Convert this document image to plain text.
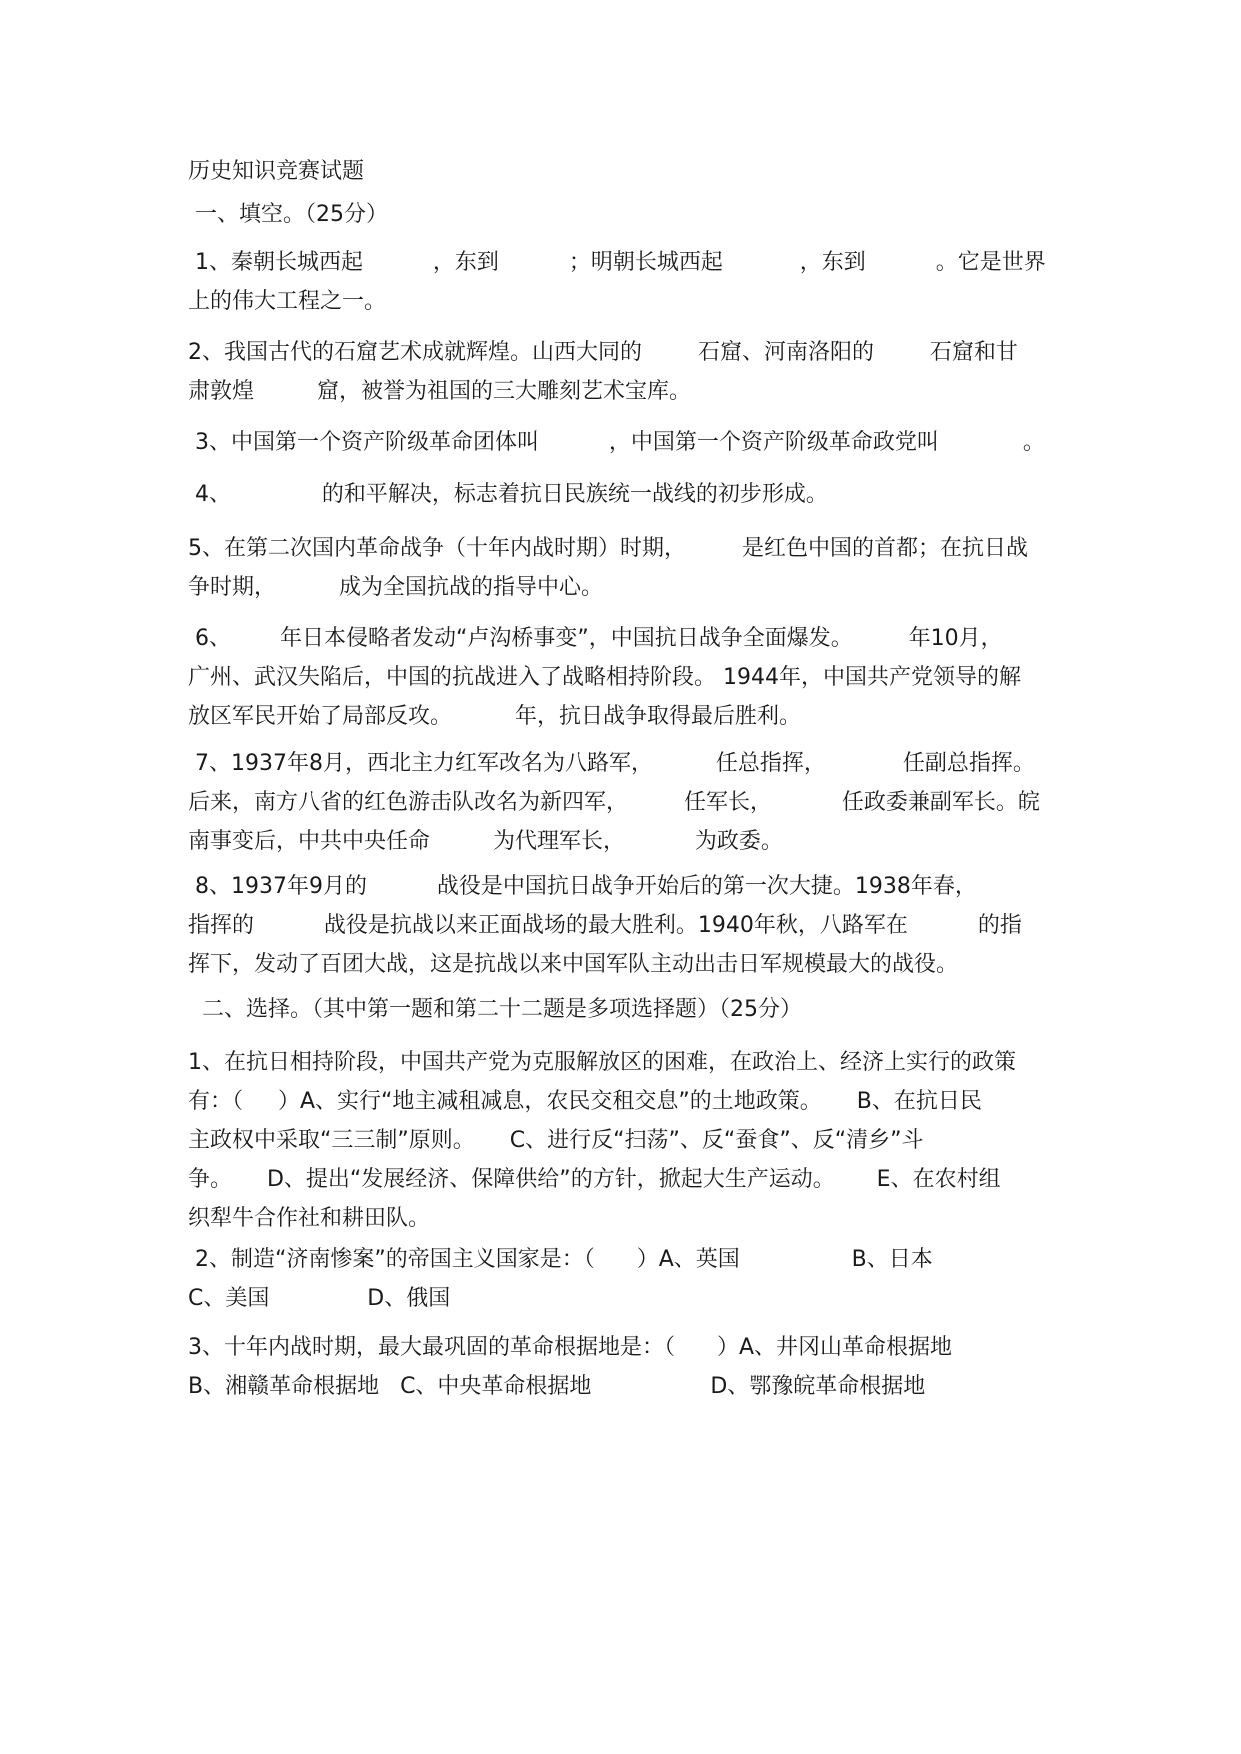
历史知识竞赛试题
一、填空。（25分）
1、秦朝长城西起          ，东到          ；明朝长城西起           ，东到          。它是世界
上的伟大工程之一。
2、我国古代的石窟艺术成就辉煌。山西大同的        石窟、河南洛阳的        石窟和甘
肃敦煌         窟，被誉为祖国的三大雕刻艺术宝库。
3、中国第一个资产阶级革命团体叫          ，中国第一个资产阶级革命政党叫            。
4、             的和平解决，标志着抗日民族统一战线的初步形成。
5、在第二次国内革命战争（十年内战时期）时期，        是红色中国的首都；在抗日战
争时期，         成为全国抗战的指导中心。
6、       年日本侵略者发动“卢沟桥事变”，中国抗日战争全面爆发。        年10月，
广州、武汉失陷后，中国的抗战进入了战略相持阶段。 1944年，中国共产党领导的解
放区军民开始了局部反攻。         年，抗日战争取得最后胜利。
7、1937年8月，西北主力红军改名为八路军，         任总指挥，           任副总指挥。
后来，南方八省的红色游击队改名为新四军，        任军长，          任政委兼副军长。皖
南事变后，中共中央任命         为代理军长，          为政委。
8、1937年9月的          战役是中国抗日战争开始后的第一次大捷。1938年春，
指挥的          战役是抗战以来正面战场的最大胜利。1940年秋，八路军在          的指
挥下，发动了百团大战，这是抗战以来中国军队主动出击日军规模最大的战役。
二、选择。（其中第一题和第二十二题是多项选择题）（25分）
1、在抗日相持阶段，中国共产党为克服解放区的困难，在政治上、经济上实行的政策
有：（     ）A、实行“地主减租减息，农民交租交息”的土地政策。     B、在抗日民
主政权中采取“三三制”原则。     C、进行反“扫荡”、反“蚕食”、反“清乡”斗
争。     D、提出“发展经济、保障供给”的方针，掀起大生产运动。      E、在农村组
织犁牛合作社和耕田队。
2、制造“济南惨案”的帝国主义国家是：（      ）A、英国                B、日本
C、美国              D、俄国
3、十年内战时期，最大最巩固的革命根据地是：（      ）A、井冈山革命根据地
B、湘赣革命根据地   C、中央革命根据地                 D、鄂豫皖革命根据地
